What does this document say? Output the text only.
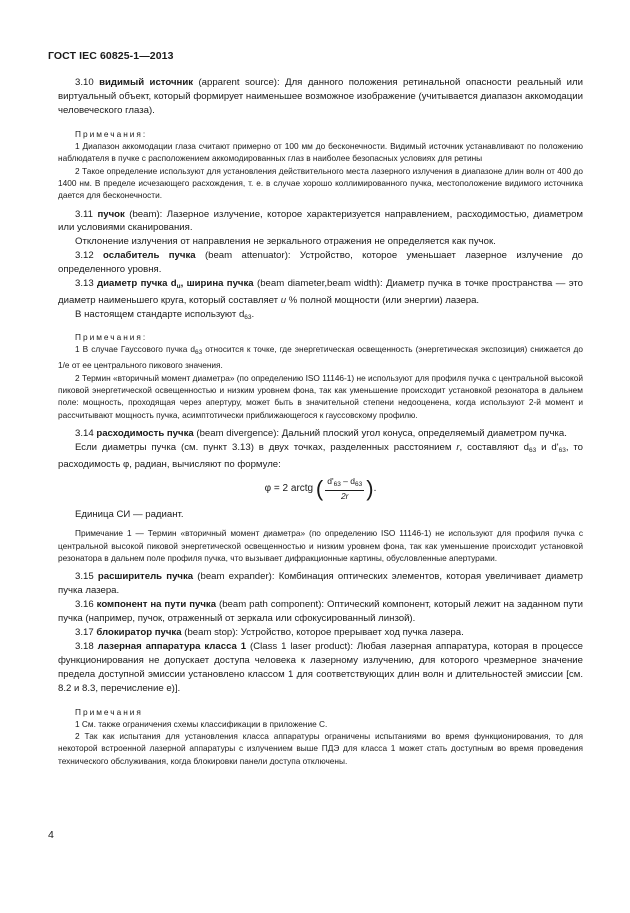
ГОСТ IEC 60825-1—2013

3.10 видимый источник (apparent source): Для данного положения ретинальной опасности реальный или виртуальный объект, который формирует наименьшее возможное изображение (учитывается диапазон аккомодации человеческого глаза).

Примечания:

1 Диапазон аккомодации глаза считают примерно от 100 мм до бесконечности. Видимый источник устанавливают по положению наблюдателя в пучке с расположением аккомодированных глаз в наиболее безопасных условиях для ретины

2 Такое определение используют для установления действительного места лазерного излучения в диапазоне длин волн от 400 до 1400 нм. В пределе исчезающего расхождения, т. е. в случае хорошо коллимированного пучка, местоположение видимого источника дается для бесконечности.

3.11 пучок (beam): Лазерное излучение, которое характеризуется направлением, расходимостью, диаметром или условиями сканирования.

Отклонение излучения от направления не зеркального отражения не определяется как пучок.

3.12 ослабитель пучка (beam attenuator): Устройство, которое уменьшает лазерное излучение до определенного уровня.

3.13 диаметр пучка $d_u$, ширина пучка (beam diameter,beam width): Диаметр пучка в точке пространства — это диаметр наименьшего круга, который составляет u % полной мощности (или энергии) лазера.

В настоящем стандарте используют $d_{63}$.

Примечания:

1 В случае Гауссового пучка $d_{63}$ относится к точке, где энергетическая освещенность (энергетическая экспозиция) снижается до 1/e от ее центрального пикового значения.

2 Термин «вторичный момент диаметра» (по определению ISO 11146-1) не используют для профиля пучка с центральной высокой пиковой энергетической освещенностью и низким уровнем фона, так как уменьшение происходит установкой резонатора в дальнем поле: мощность, проходящая через апертуру, может быть в значительной степени недооценена, когда используют 2-й момент и рассчитывают мощность пучка, асимптотически приближающегося к гауссовскому профилю.

3.14 расходимость пучка (beam divergence): Дальний плоский угол конуса, определяемый диаметром пучка.

Если диаметры пучка (см. пункт 3.13) в двух точках, разделенных расстоянием r, составляют $d_{63}$ и $d'_{63}$, то расходимость φ, радиан, вычисляют по формуле:

φ = 2 arctg
( $\frac{d'_{63} - d_{63}}{2r}$ ) .

Единица СИ — радиант.

Примечание 1 — Термин «вторичный момент диаметра» (по определению ISO 11146-1) не используют для профиля пучка с центральной высокой пиковой энергетической освещенностью и низким уровнем фона, так как уменьшение происходит установкой резонатора в дальнем поле профиля пучка, что вызывает дифракционные картины, обусловленные апертурами.

3.15 расширитель пучка (beam expander): Комбинация оптических элементов, которая увеличивает диаметр пучка лазера.

3.16 компонент на пути пучка (beam path component): Оптический компонент, который лежит на заданном пути пучка (например, пучок, отраженный от зеркала или сфокусированный линзой).

3.17 блокиратор пучка (beam stop): Устройство, которое прерывает ход пучка лазера.

3.18 лазерная аппаратура класса 1 (Class 1 laser product): Любая лазерная аппаратура, которая в процессе функционирования не допускает доступа человека к лазерному излучению, для которого чрезмерное значение предела доступной эмиссии установлено классом 1 для соответствующих длин волн и длительностей эмиссии [см. 8.2 и 8.3, перечисление е)].

Примечания

1 См. также ограничения схемы классификации в приложение С.

2 Так как испытания для установления класса аппаратуры ограничены испытаниями во время функционирования, то для некоторой встроенной лазерной аппаратуры с излучением выше ПДЭ для класса 1 может стать доступным во время проведения технического обслуживания, когда блокировки панели доступа отключены.

4
